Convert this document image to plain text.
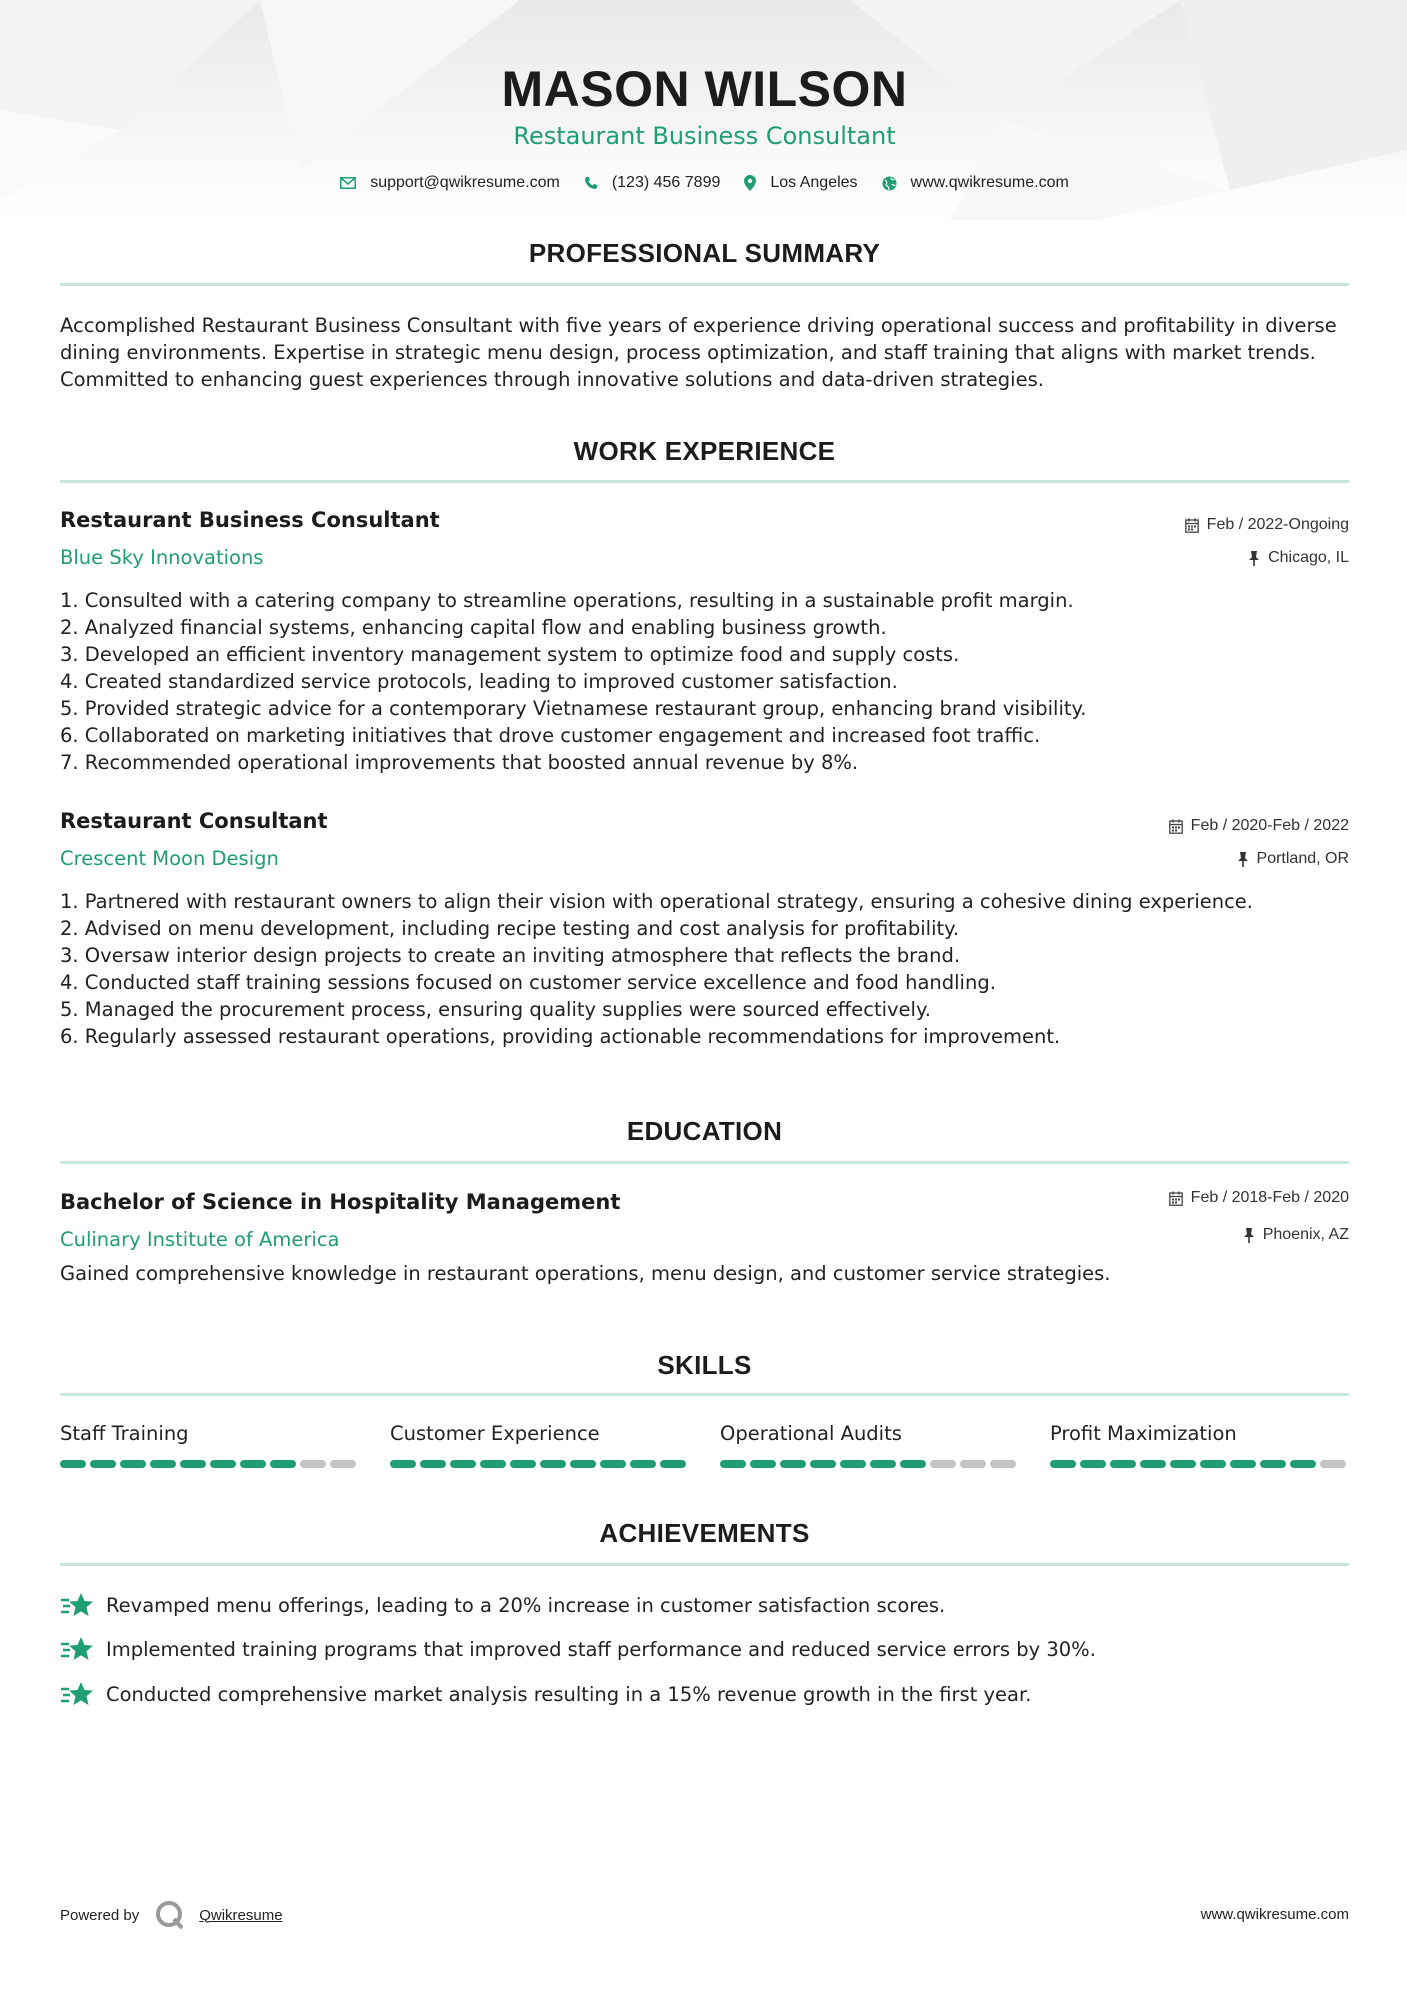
MASON WILSON
Restaurant Business Consultant
support@qwikresume.com	(123) 456 7899	Los Angeles	www.qwikresume.com
PROFESSIONAL SUMMARY

Accomplished Restaurant Business Consultant with five years of experience driving operational success and profitability in diverse dining environments. Expertise in strategic menu design, process optimization, and staff training that aligns with market trends. Committed to enhancing guest experiences through innovative solutions and data-driven strategies.

WORK EXPERIENCE
Restaurant Business Consultant
Blue Sky Innovations
Feb / 2022-Ongoing
Chicago, IL
1. Consulted with a catering company to streamline operations, resulting in a sustainable profit margin.
2. Analyzed financial systems, enhancing capital flow and enabling business growth.
3. Developed an efficient inventory management system to optimize food and supply costs.
4. Created standardized service protocols, leading to improved customer satisfaction.
5. Provided strategic advice for a contemporary Vietnamese restaurant group, enhancing brand visibility.
6. Collaborated on marketing initiatives that drove customer engagement and increased foot traffic.
7. Recommended operational improvements that boosted annual revenue by 8%.
Restaurant Consultant
Crescent Moon Design
Feb / 2020-Feb / 2022
Portland, OR
1. Partnered with restaurant owners to align their vision with operational strategy, ensuring a cohesive dining experience.
2. Advised on menu development, including recipe testing and cost analysis for profitability.
3. Oversaw interior design projects to create an inviting atmosphere that reflects the brand.
4. Conducted staff training sessions focused on customer service excellence and food handling.
5. Managed the procurement process, ensuring quality supplies were sourced effectively.
6. Regularly assessed restaurant operations, providing actionable recommendations for improvement.
EDUCATION
Bachelor of Science in Hospitality Management
Culinary Institute of America
Feb / 2018-Feb / 2020
Phoenix, AZ

Gained comprehensive knowledge in restaurant operations, menu design, and customer service strategies.

SKILLS
Staff Training	Customer Experience	Operational Audits	Profit Maximization
ACHIEVEMENTS
Revamped menu offerings, leading to a 20% increase in customer satisfaction scores.
Implemented training programs that improved staff performance and reduced service errors by 30%.
Conducted comprehensive market analysis resulting in a 15% revenue growth in the first year.
Powered by	Qwikresume	www.qwikresume.com
